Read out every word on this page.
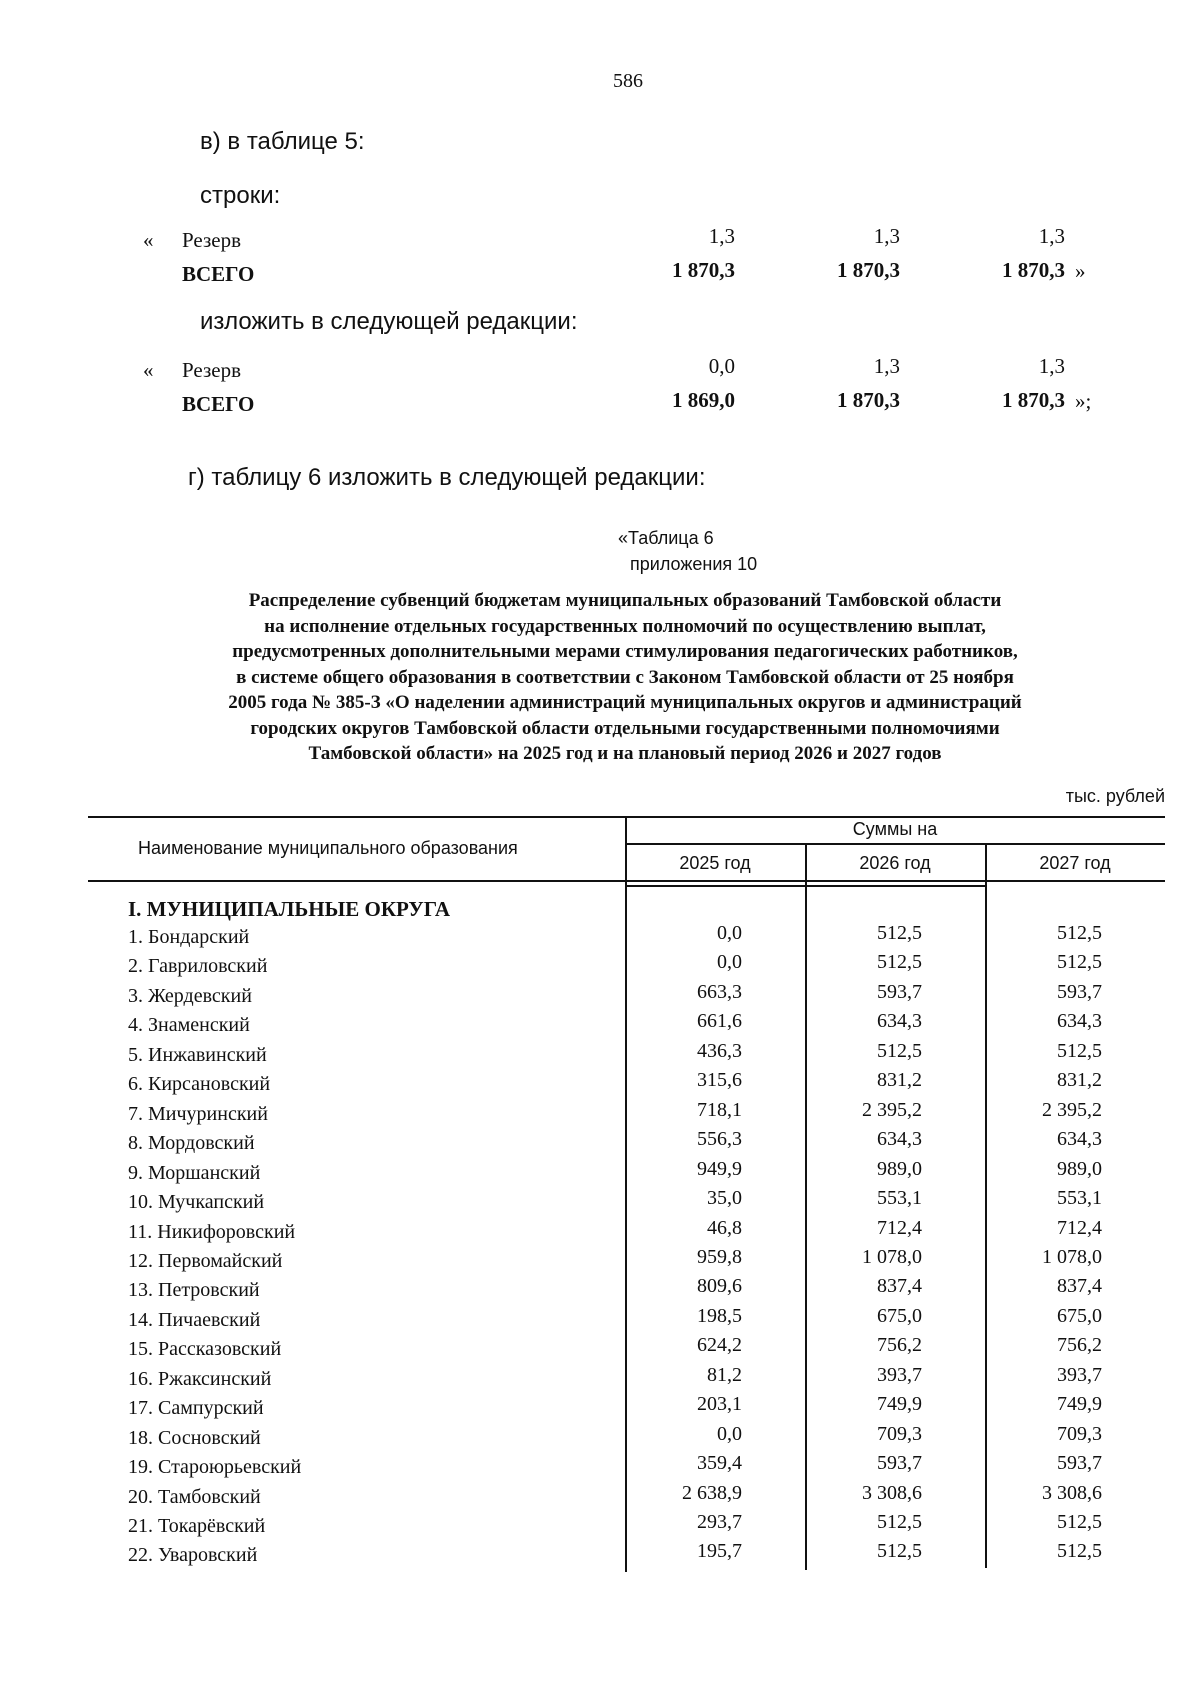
586
в) в таблице 5:
строки:
« Резерв	1,3	1,3	1,3
ВСЕГО	1 870,3	1 870,3	1 870,3 »
изложить в следующей редакции:
« Резерв	0,0	1,3	1,3
ВСЕГО	1 869,0	1 870,3	1 870,3 »;
г) таблицу 6 изложить в следующей редакции:
«Таблица 6
приложения 10
Распределение субвенций бюджетам муниципальных образований Тамбовской области
на исполнение отдельных государственных полномочий по осуществлению выплат,
предусмотренных дополнительными мерами стимулирования педагогических работников,
в системе общего образования в соответствии с Законом Тамбовской области от 25 ноября
2005 года № 385-З «О наделении администраций муниципальных округов и администраций
городских округов Тамбовской области отдельными государственными полномочиями
Тамбовской области» на 2025 год и на плановый период 2026 и 2027 годов
тыс. рублей
Наименование муниципального образования
Суммы на
2025 год	2026 год	2027 год
I. МУНИЦИПАЛЬНЫЕ ОКРУГА
1. Бондарский	0,0	512,5	512,5
2. Гавриловский	0,0	512,5	512,5
3. Жердевский	663,3	593,7	593,7
4. Знаменский	661,6	634,3	634,3
5. Инжавинский	436,3	512,5	512,5
6. Кирсановский	315,6	831,2	831,2
7. Мичуринский	718,1	2 395,2	2 395,2
8. Мордовский	556,3	634,3	634,3
9. Моршанский	949,9	989,0	989,0
10. Мучкапский	35,0	553,1	553,1
11. Никифоровский	46,8	712,4	712,4
12. Первомайский	959,8	1 078,0	1 078,0
13. Петровский	809,6	837,4	837,4
14. Пичаевский	198,5	675,0	675,0
15. Рассказовский	624,2	756,2	756,2
16. Ржаксинский	81,2	393,7	393,7
17. Сампурский	203,1	749,9	749,9
18. Сосновский	0,0	709,3	709,3
19. Староюрьевский	359,4	593,7	593,7
20. Тамбовский	2 638,9	3 308,6	3 308,6
21. Токарёвский	293,7	512,5	512,5
22. Уваровский	195,7	512,5	512,5
